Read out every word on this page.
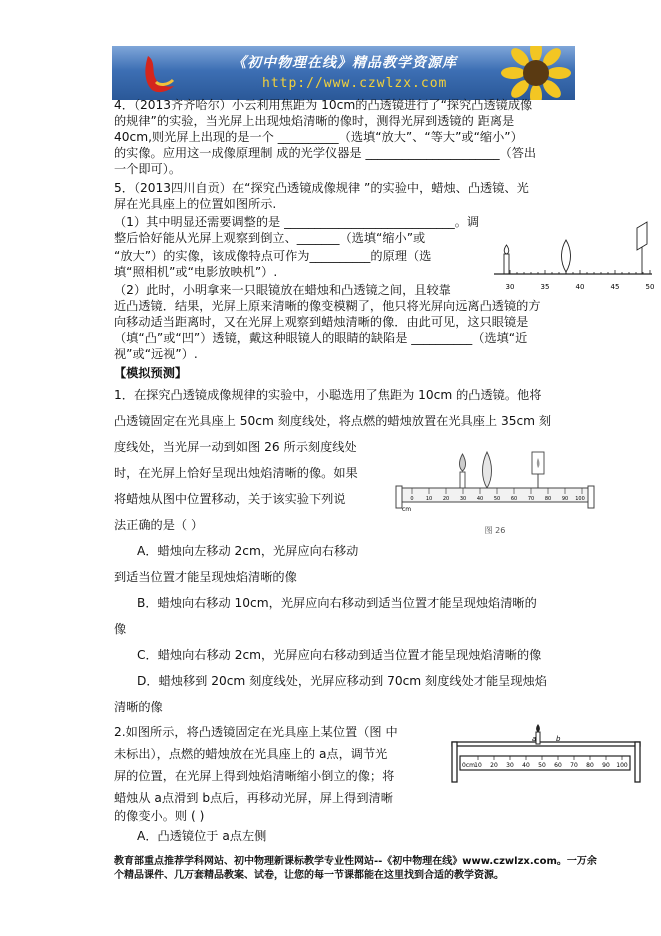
《初中物理在线》精品教学资源库
http://www.czwlzx.com
4．（2013齐齐哈尔）小云利用焦距为 10cm的凸透镜进行了“探究凸透镜成像
的规律”的实验，当光屏上出现烛焰清晰的像时，测得光屏到透镜的 距离是
40cm,则光屏上出现的是一个 __________（选填“放大”、“等大”或“缩小”）
的实像。应用这一成像原理制 成的光学仪器是 ______________________（答出
一个即可）。
5．（2013四川自贡）在“探究凸透镜成像规律 ”的实验中，蜡烛、凸透镜、光
屏在光具座上的位置如图所示.
（1）其中明显还需要调整的是 ____________________________。调
整后恰好能从光屏上观察到倒立、_______（选填“缩小”或
“放大”）的实像，该成像特点可作为__________的原理（选
填“照相机”或“电影放映机”）.
（2）此时，小明拿来一只眼镜放在蜡烛和凸透镜之间，且较靠
近凸透镜．结果，光屏上原来清晰的像变模糊了，他只将光屏向远离凸透镜的方
向移动适当距离时，又在光屏上观察到蜡烛清晰的像．由此可见，这只眼镜是
（填“凸”或“凹”）透镜，戴这种眼镜人的眼睛的缺陷是 __________（选填“近
视”或“远视”）.
30	35	40	45	50
【模拟预测】
1．在探究凸透镜成像规律的实验中，小聪选用了焦距为 10cm 的凸透镜。他将
凸透镜固定在光具座上 50cm 刻度线处，将点燃的蜡烛放置在光具座上 35cm 刻
度线处，当光屏一动到如图 26 所示刻度线处
时，在光屏上恰好呈现出烛焰清晰的像。如果
将蜡烛从图中位置移动，关于该实验下列说
法正确的是（ ）
A．蜡烛向左移动 2cm，光屏应向右移动
到适当位置才能呈现烛焰清晰的像
B．蜡烛向右移动 10cm，光屏应向右移动到适当位置才能呈现烛焰清晰的
像
C．蜡烛向右移动 2cm，光屏应向右移动到适当位置才能呈现烛焰清晰的像
D．蜡烛移到 20cm 刻度线处，光屏应移动到 70cm 刻度线处才能呈现烛焰
清晰的像
cm
0 10 20 30 40 50 60 70 80 90 100
图 26
2.如图所示，将凸透镜固定在光具座上某位置（图 中
未标出），点燃的蜡烛放在光具座上的 a点，调节光
屏的位置，在光屏上得到烛焰清晰缩小倒立的像；将
蜡烛从 a点滑到 b点后，再移动光屏，屏上得到清晰
的像变小。则 ( )
A．凸透镜位于 a点左侧
a	b
0cm 10 20 30 40 50 60 70 80 90 100
教育部重点推荐学科网站、初中物理新课标教学专业性网站--《初中物理在线》www.czwlzx.com。一万余
个精品课件、几万套精品教案、试卷，让您的每一节课都能在这里找到合适的教学资源。
